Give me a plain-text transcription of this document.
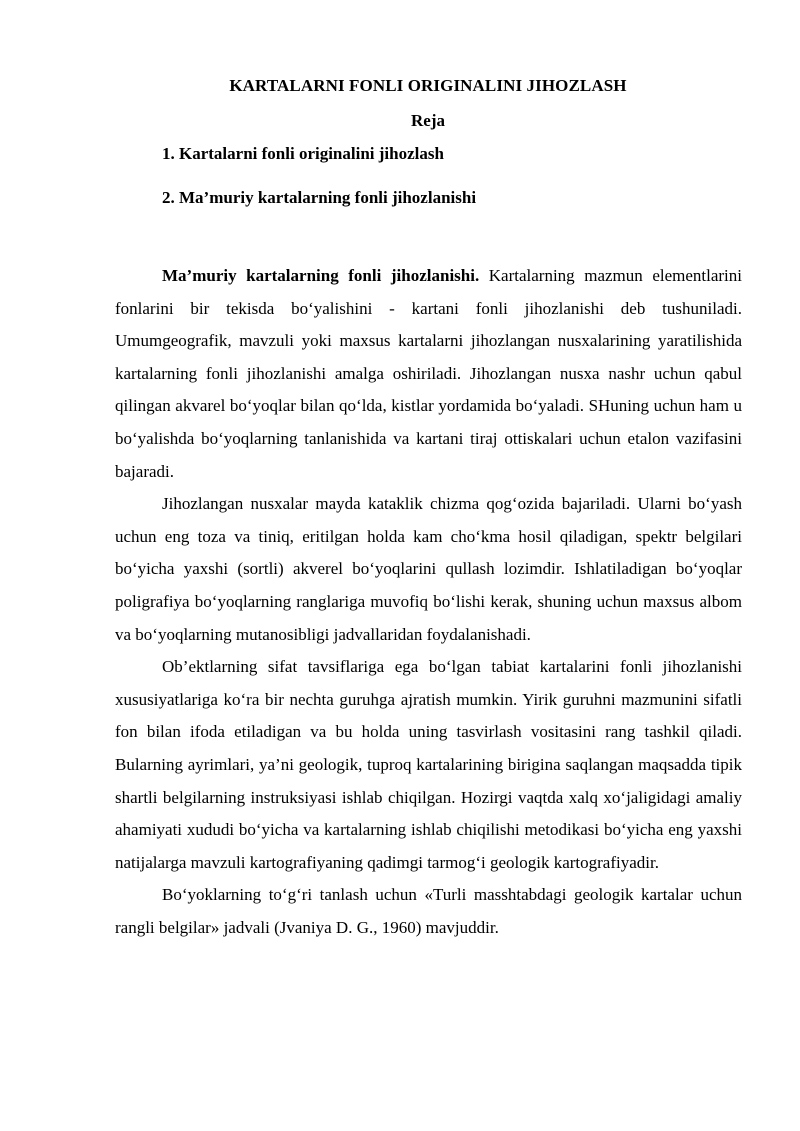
KARTALARNI FONLI ORIGINALINI JIHOZLASH
Reja
1. Kartalarni fonli originalini jihozlash
2. Ma’muriy kartalarning fonli jihozlanishi

Ma’muriy kartalarning fonli jihozlanishi. Kartalarning mazmun elementlarini fonlarini bir tekisda bo‘yalishini - kartani fonli jihozlanishi deb tushuniladi. Umumgeografik, mavzuli yoki maxsus kartalarni jihozlangan nusxalarining yaratilishida kartalarning fonli jihozlanishi amalga oshiriladi. Jihozlangan nusxa nashr uchun qabul qilingan akvarel bo‘yoqlar bilan qo‘lda, kistlar yordamida bo‘yaladi. SHuning uchun ham u bo‘yalishda bo‘yoqlarning tanlanishida va kartani tiraj ottiskalari uchun etalon vazifasini bajaradi.

Jihozlangan nusxalar mayda kataklik chizma qog‘ozida bajariladi. Ularni bo‘yash uchun eng toza va tiniq, eritilgan holda kam cho‘kma hosil qiladigan, spektr belgilari bo‘yicha yaxshi (sortli) akverel bo‘yoqlarini qullash lozimdir. Ishlatiladigan bo‘yoqlar poligrafiya bo‘yoqlarning ranglariga muvofiq bo‘lishi kerak, shuning uchun maxsus albom va bo‘yoqlarning mutanosibligi jadvallaridan foydalanishadi.

Ob’ektlarning sifat tavsiflariga ega bo‘lgan tabiat kartalarini fonli jihozlanishi xususiyatlariga ko‘ra bir nechta guruhga ajratish mumkin. Yirik guruhni mazmunini sifatli fon bilan ifoda etiladigan va bu holda uning tasvirlash vositasini rang tashkil qiladi. Bularning ayrimlari, ya’ni geologik, tuproq kartalarining birigina saqlangan maqsadda tipik shartli belgilarning instruksiyasi ishlab chiqilgan. Hozirgi vaqtda xalq xo‘jaligidagi amaliy ahamiyati xududi bo‘yicha va kartalarning ishlab chiqilishi metodikasi bo‘yicha eng yaxshi natijalarga mavzuli kartografiyaning qadimgi tarmog‘i geologik kartografiyadir.

Bo‘yoklarning to‘g‘ri tanlash uchun «Turli masshtabdagi geologik kartalar uchun rangli belgilar» jadvali (Jvaniya D. G., 1960) mavjuddir.
